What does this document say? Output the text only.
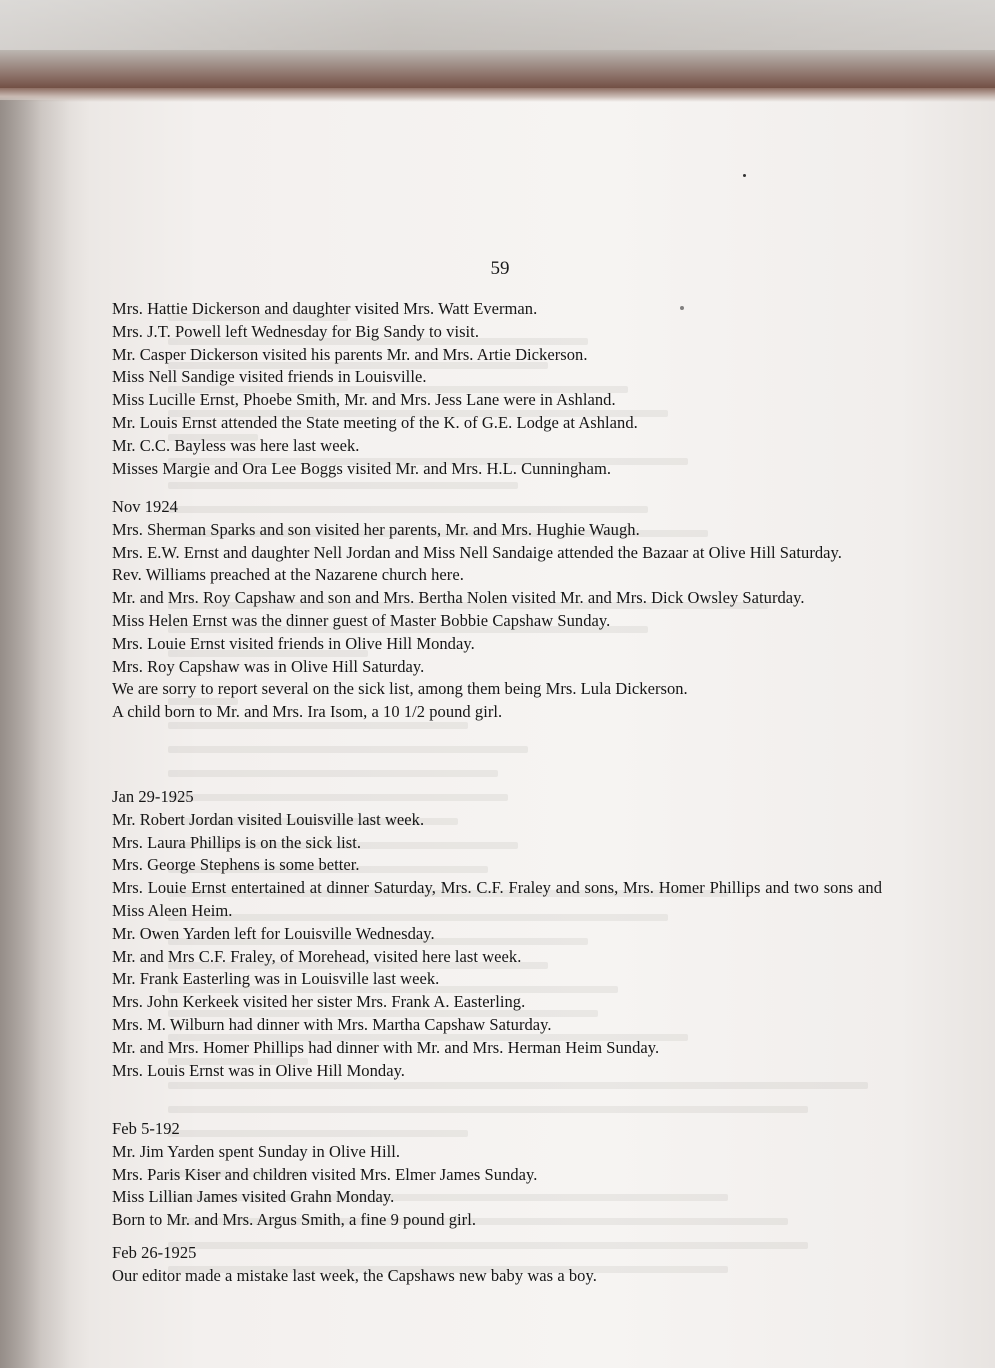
59

Mrs. Hattie Dickerson and daughter visited Mrs. Watt Everman.

Mrs. J.T. Powell left Wednesday for Big Sandy to visit.

Mr. Casper Dickerson visited his parents Mr. and Mrs. Artie Dickerson.

Miss Nell Sandige visited friends in Louisville.

Miss Lucille Ernst, Phoebe Smith, Mr. and Mrs. Jess Lane were in Ashland.

Mr. Louis Ernst attended the State meeting of the K. of G.E. Lodge at Ashland.

Mr. C.C. Bayless was here last week.

Misses Margie and Ora Lee Boggs visited Mr. and Mrs. H.L. Cunningham.

Nov 1924

Mrs. Sherman Sparks and son visited her parents, Mr. and Mrs. Hughie Waugh.

Mrs. E.W. Ernst and daughter Nell Jordan and Miss Nell Sandaige attended the Bazaar at Olive Hill Saturday.

Rev. Williams preached at the Nazarene church here.

Mr. and Mrs. Roy Capshaw and son and Mrs. Bertha Nolen visited Mr. and Mrs. Dick Owsley Saturday.

Miss Helen Ernst was the dinner guest of Master Bobbie Capshaw Sunday.

Mrs. Louie Ernst visited friends in Olive Hill Monday.

Mrs. Roy Capshaw was in Olive Hill Saturday.

We are sorry to report several on the sick list, among them being Mrs. Lula Dickerson.

A child born to Mr. and Mrs. Ira Isom, a 10 1/2 pound girl.

Jan 29-1925

Mr. Robert Jordan visited Louisville last week.

Mrs. Laura Phillips is on the sick list.

Mrs. George Stephens is some better.

Mrs. Louie Ernst entertained at dinner Saturday, Mrs. C.F. Fraley and sons, Mrs. Homer Phillips and two sons and Miss Aleen Heim.

Mr. Owen Yarden left for Louisville Wednesday.

Mr. and Mrs C.F. Fraley, of Morehead, visited here last week.

Mr. Frank Easterling was in Louisville last week.

Mrs. John Kerkeek visited her sister Mrs. Frank A. Easterling.

Mrs. M. Wilburn had dinner with Mrs. Martha Capshaw Saturday.

Mr. and Mrs. Homer Phillips had dinner with Mr. and Mrs. Herman Heim Sunday.

Mrs. Louis Ernst was in Olive Hill Monday.

Feb 5-192

Mr. Jim Yarden spent Sunday in Olive Hill.

Mrs. Paris Kiser and children visited Mrs. Elmer James Sunday.

Miss Lillian James visited Grahn Monday.

Born to Mr. and Mrs. Argus Smith, a fine 9 pound girl.

Feb 26-1925

Our editor made a mistake last week, the Capshaws new baby was a boy.
